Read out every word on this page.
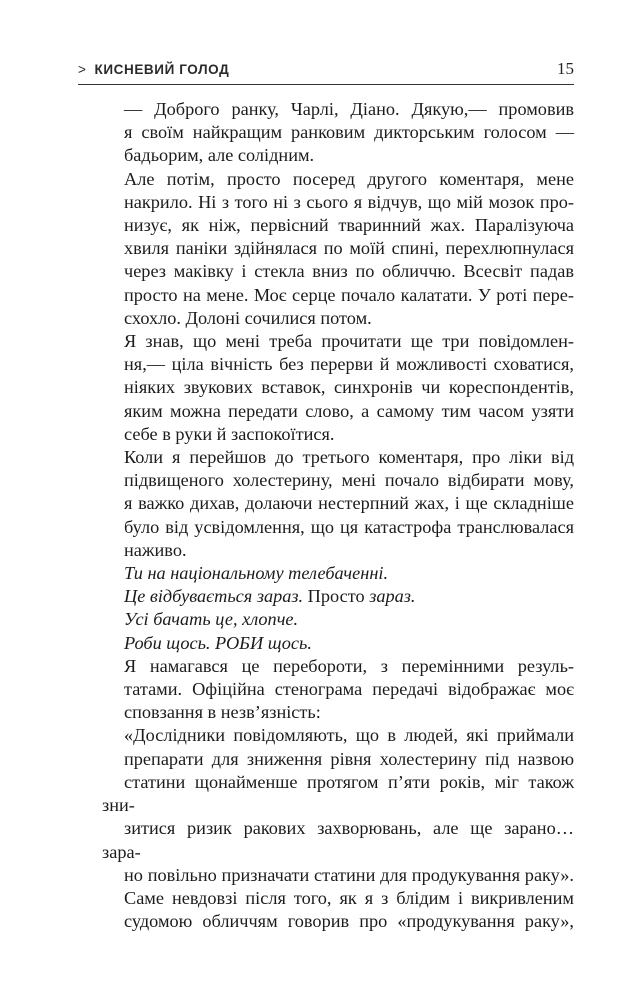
> КИСНЕВИЙ ГОЛОД	15

— Доброго ранку, Чарлі, Діано. Дякую,— промовив
я своїм найкращим ранковим дикторським голосом —
бадьорим, але солідним.

Але потім, просто посеред другого коментаря, мене
накрило. Ні з того ні з сього я відчув, що мій мозок про-
низує, як ніж, первісний тваринний жах. Паралізуюча
хвиля паніки здійнялася по моїй спині, перехлюпнулася
через маківку і стекла вниз по обличчю. Всесвіт падав
просто на мене. Моє серце почало калатати. У роті пере-
схохло. Долоні сочилися потом.

Я знав, що мені треба прочитати ще три повідомлен-
ня,— ціла вічність без перерви й можливості сховатися,
ніяких звукових вставок, синхронів чи кореспондентів,
яким можна передати слово, а самому тим часом узяти
себе в руки й заспокоїтися.

Коли я перейшов до третього коментаря, про ліки від
підвищеного холестерину, мені почало відбирати мову,
я важко дихав, долаючи нестерпний жах, і ще складніше
було від усвідомлення, що ця катастрофа транслювалася
наживо.

Ти на національному телебаченні.

Це відбувається зараз. Просто зараз.

Усі бачать це, хлопче.

Роби щось. РОБИ щось.

Я намагався це перебороти, з перемінними резуль-
татами. Офіційна стенограма передачі відображає моє
сповзання в незв’язність:

«Дослідники повідомляють, що в людей, які приймали
препарати для зниження рівня холестерину під назвою
статини щонайменше протягом п’яти років, міг також зни-
зитися ризик ракових захворювань, але ще зарано… зара-
но повільно призначати статини для продукування раку».

Саме невдовзі після того, як я з блідим і викривленим
судомою обличчям говорив про «продукування раку»,
